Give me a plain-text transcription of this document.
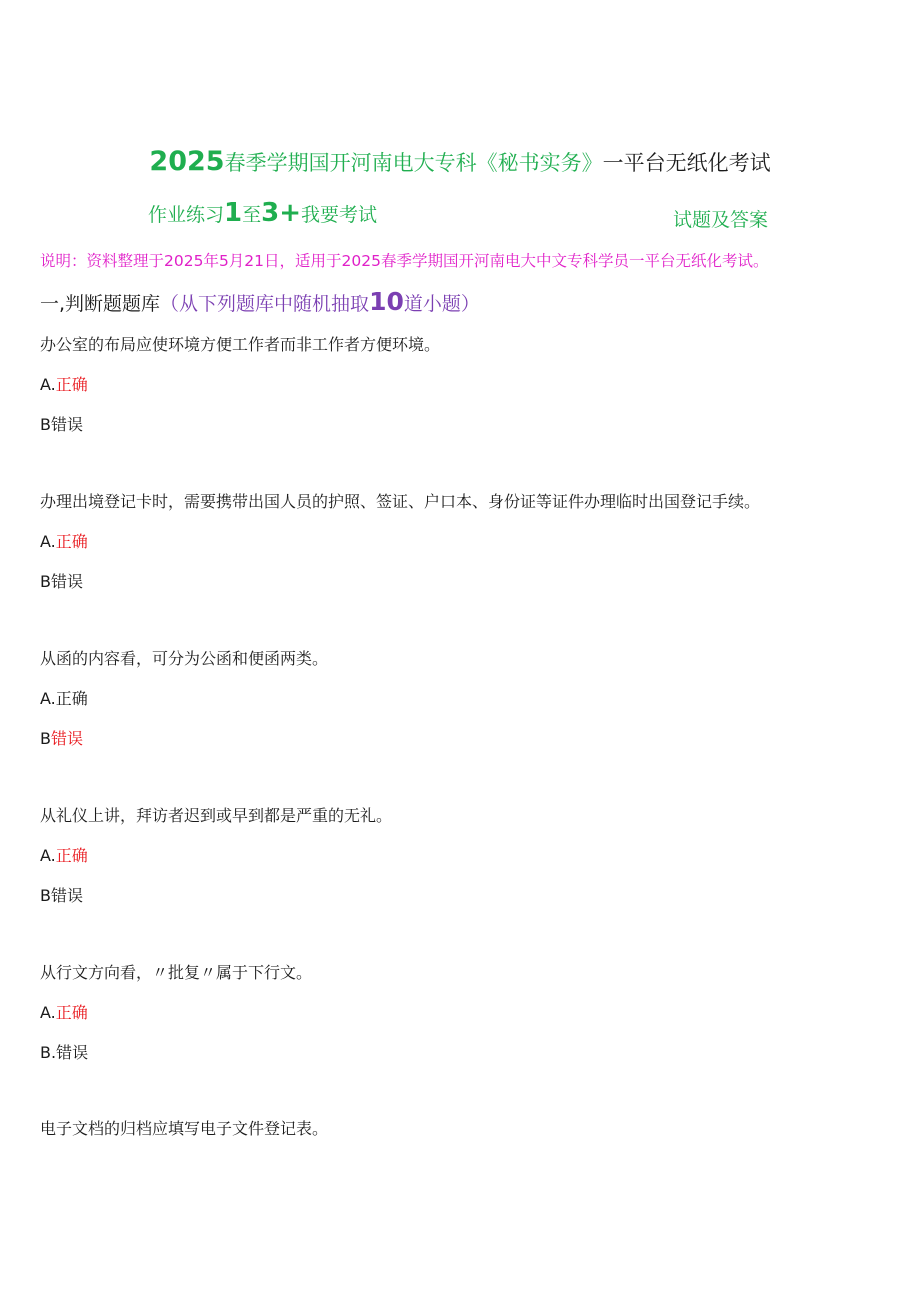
2025春季学期国开河南电大专科《秘书实务》一平台无纸化考试
作业练习1至3+我要考试	试题及答案
说明：资料整理于2025年5月21日，适用于2025春季学期国开河南电大中文专科学员一平台无纸化考试。
一,判断题题库（从下列题库中随机抽取10道小题）
办公室的布局应使环境方便工作者而非工作者方便环境。
A.正确
B错误
办理出境登记卡时，需要携带出国人员的护照、签证、户口本、身份证等证件办理临时出国登记手续。
A.正确
B错误
从函的内容看，可分为公函和便函两类。
A.正确
B错误
从礼仪上讲，拜访者迟到或早到都是严重的无礼。
A.正确
B错误
从行文方向看，〃批复〃属于下行文。
A.正确
B.错误
电子文档的归档应填写电子文件登记表。
